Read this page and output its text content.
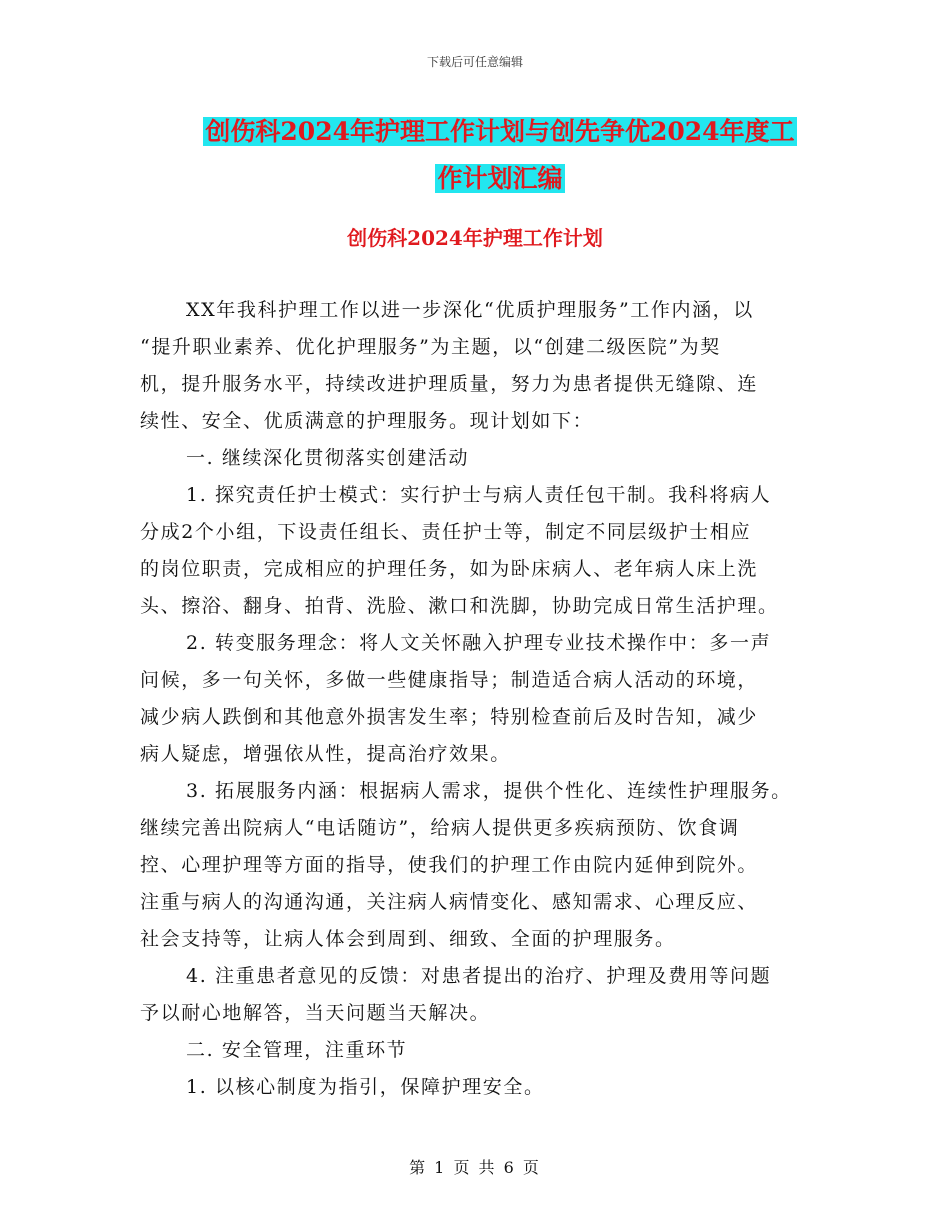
下载后可任意编辑
创伤科2024年护理工作计划与创先争优2024年度工
作计划汇编
创伤科2024年护理工作计划
XX年我科护理工作以进一步深化“优质护理服务”工作内涵，以
“提升职业素养、优化护理服务”为主题，以“创建二级医院”为契
机，提升服务水平，持续改进护理质量，努力为患者提供无缝隙、连
续性、安全、优质满意的护理服务。现计划如下：
一. 继续深化贯彻落实创建活动
1. 探究责任护士模式：实行护士与病人责任包干制。我科将病人
分成2个小组，下设责任组长、责任护士等，制定不同层级护士相应
的岗位职责，完成相应的护理任务，如为卧床病人、老年病人床上洗
头、擦浴、翻身、拍背、洗脸、漱口和洗脚，协助完成日常生活护理。
2. 转变服务理念：将人文关怀融入护理专业技术操作中：多一声
问候，多一句关怀，多做一些健康指导；制造适合病人活动的环境，
减少病人跌倒和其他意外损害发生率；特别检查前后及时告知，减少
病人疑虑，增强依从性，提高治疗效果。
3. 拓展服务内涵：根据病人需求，提供个性化、连续性护理服务。
继续完善出院病人“电话随访”，给病人提供更多疾病预防、饮食调
控、心理护理等方面的指导，使我们的护理工作由院内延伸到院外。
注重与病人的沟通沟通，关注病人病情变化、感知需求、心理反应、
社会支持等，让病人体会到周到、细致、全面的护理服务。
4. 注重患者意见的反馈：对患者提出的治疗、护理及费用等问题
予以耐心地解答，当天问题当天解决。
二. 安全管理，注重环节
1. 以核心制度为指引，保障护理安全。
第 1 页 共 6 页
